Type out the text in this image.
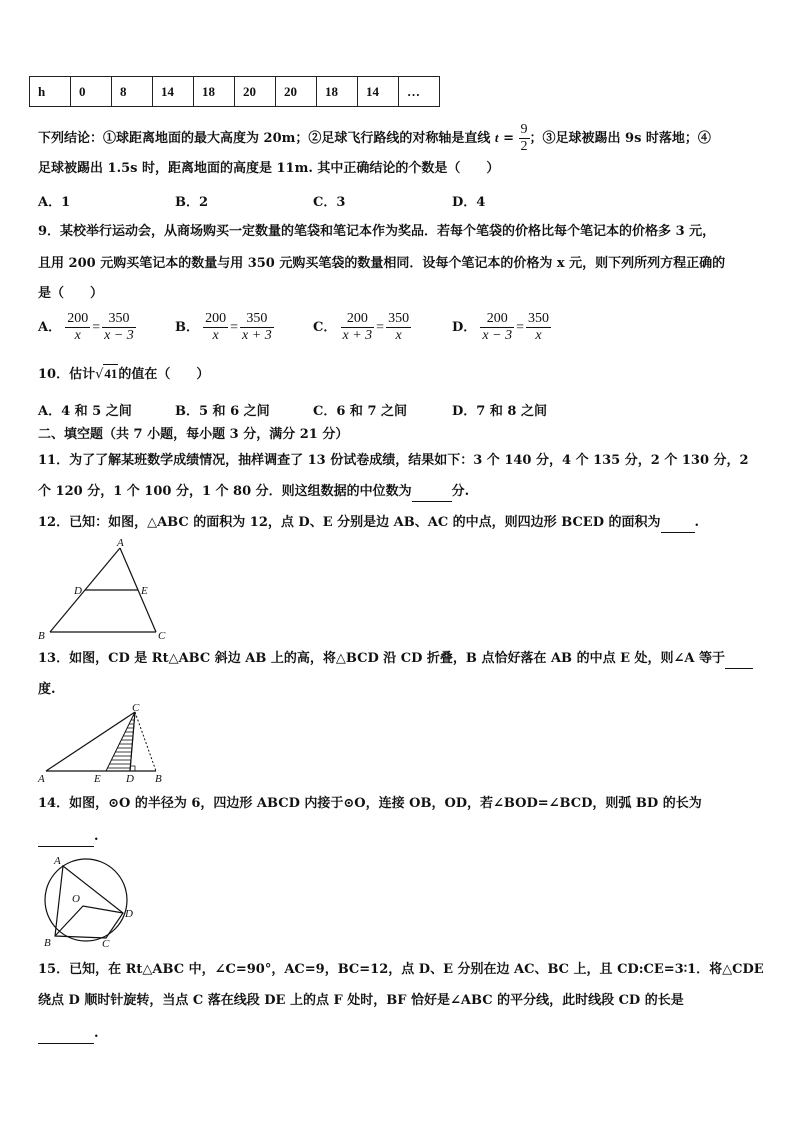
h	0	8	14	18	20	20	18	14	…
下列结论：①球距离地面的最大高度为 20m；②足球飞行路线的对称轴是直线 $t = \frac{9}{2}$ ；③足球被踢出 9s 时落地；④
足球被踢出 1.5s 时，距离地面的高度是 11m. 其中正确结论的个数是（　　）
A．1	B．2	C．3	D．4
9．某校举行运动会，从商场购买一定数量的笔袋和笔记本作为奖品．若每个笔袋的价格比每个笔记本的价格多 3 元，
且用 200 元购买笔记本的数量与用 350 元购买笔袋的数量相同．设每个笔记本的价格为 x 元，则下列所列方程正确的
是（　　）
A． $\frac{200}{x} = \frac{350}{x - 3}$	B． $\frac{200}{x} = \frac{350}{x + 3}$	C． $\frac{200}{x + 3} = \frac{350}{x}$	D． $\frac{200}{x - 3} = \frac{350}{x}$
10．估计√41的值在（　　）
A．4 和 5 之间	B．5 和 6 之间	C．6 和 7 之间	D．7 和 8 之间
二、填空题（共 7 小题，每小题 3 分，满分 21 分）
11．为了了解某班数学成绩情况，抽样调查了 13 份试卷成绩，结果如下：3 个 140 分，4 个 135 分，2 个 130 分，2
个 120 分，1 个 100 分，1 个 80 分．则这组数据的中位数为	分.
12．已知：如图，△ABC 的面积为 12，点 D、E 分别是边 AB、AC 的中点，则四边形 BCED 的面积为	.
A
D	E
B	C
13．如图，CD 是 Rt△ABC 斜边 AB 上的高，将△BCD 沿 CD 折叠，B 点恰好落在 AB 的中点 E 处，则∠A 等于
度.
C
A	E D B
14．如图，⊙O 的半径为 6，四边形 ABCD 内接于⊙O，连接 OB，OD，若∠BOD=∠BCD，则弧 BD 的长为
.
A
O
D
B	C
15．已知，在 Rt△ABC 中，∠C=90°，AC=9，BC=12，点 D、E 分别在边 AC、BC 上，且 CD:CE=3∶1．将△CDE
绕点 D 顺时针旋转，当点 C 落在线段 DE 上的点 F 处时，BF 恰好是∠ABC 的平分线，此时线段 CD 的长是
.
